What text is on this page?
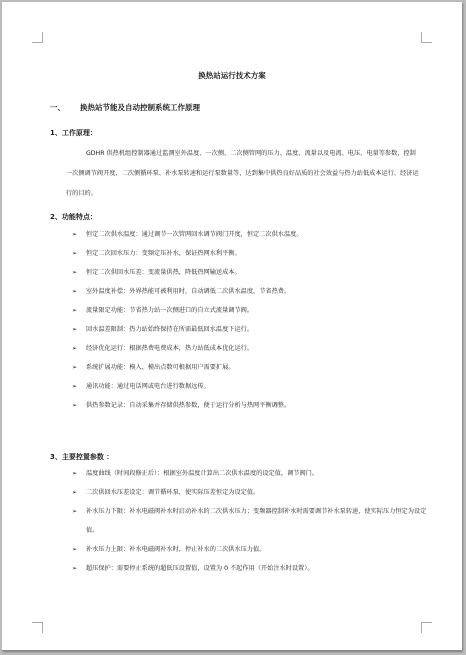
换热站运行技术方案
一、 换热站节能及自动控制系统工作原理
1、工作原理：
GDHR 供热机组控制器通过监测室外温度、一次侧、二次侧管网的压力、温度、流量以及电流、电压、电量等参数，控制一次侧调节阀开度，二次侧循环泵、补水泵转速和运行泵数量等，达到集中供热良好品质的社会效益与热力站低成本运行、经济运行的目的。
2、功能特点：
➢ 恒定二次供水温度：通过调节一次管网回水调节阀门开度，恒定二次供水温度。
➢ 恒定二次回水压力：变频定压补水，保证热网水利平衡。
➢ 恒定二次供回水压差：变流量供热，降低热网输送成本。
➢ 室外温度补偿：外界热能可被利用时，自动调低二次供水温度，节省热费。
➢ 流量限定功能：节省热力站一次侧进口的自立式流量调节阀。
➢ 回水温差限制：热力站始终保持在所需最低回水温度下运行。
➢ 经济优化运行：根据热费电费成本，热力站低成本优化运行。
➢ 系统扩展功能：模入、模出点数可根据用户需要扩展。
➢ 通讯功能：通过电话网或电台进行数据远传。
➢ 供热参数记录：自动采集并存储供热参数，便于运行分析与热网平衡调整。
3、主要控置参数 ：
➢ 温度曲线（时间段修正后）：根据室外温度计算出二次供水温度的设定值，调节阀门。
➢ 二次供回水压差设定：调节循环泵，使实际压差恒定为设定值。
➢ 补水压力下限：补水电磁阀补水时启动补水的二次供水压力；变频器控制补水时需要调节补水泵转速，使实际压力恒定为设定值。
➢ 补水压力上限：补水电磁阀补水时，停止补水的二次供水压力值。
➢ 超压保护：需要停止系统的超低压设置值，设置为 0 不起作用（开始注水时设置）。
